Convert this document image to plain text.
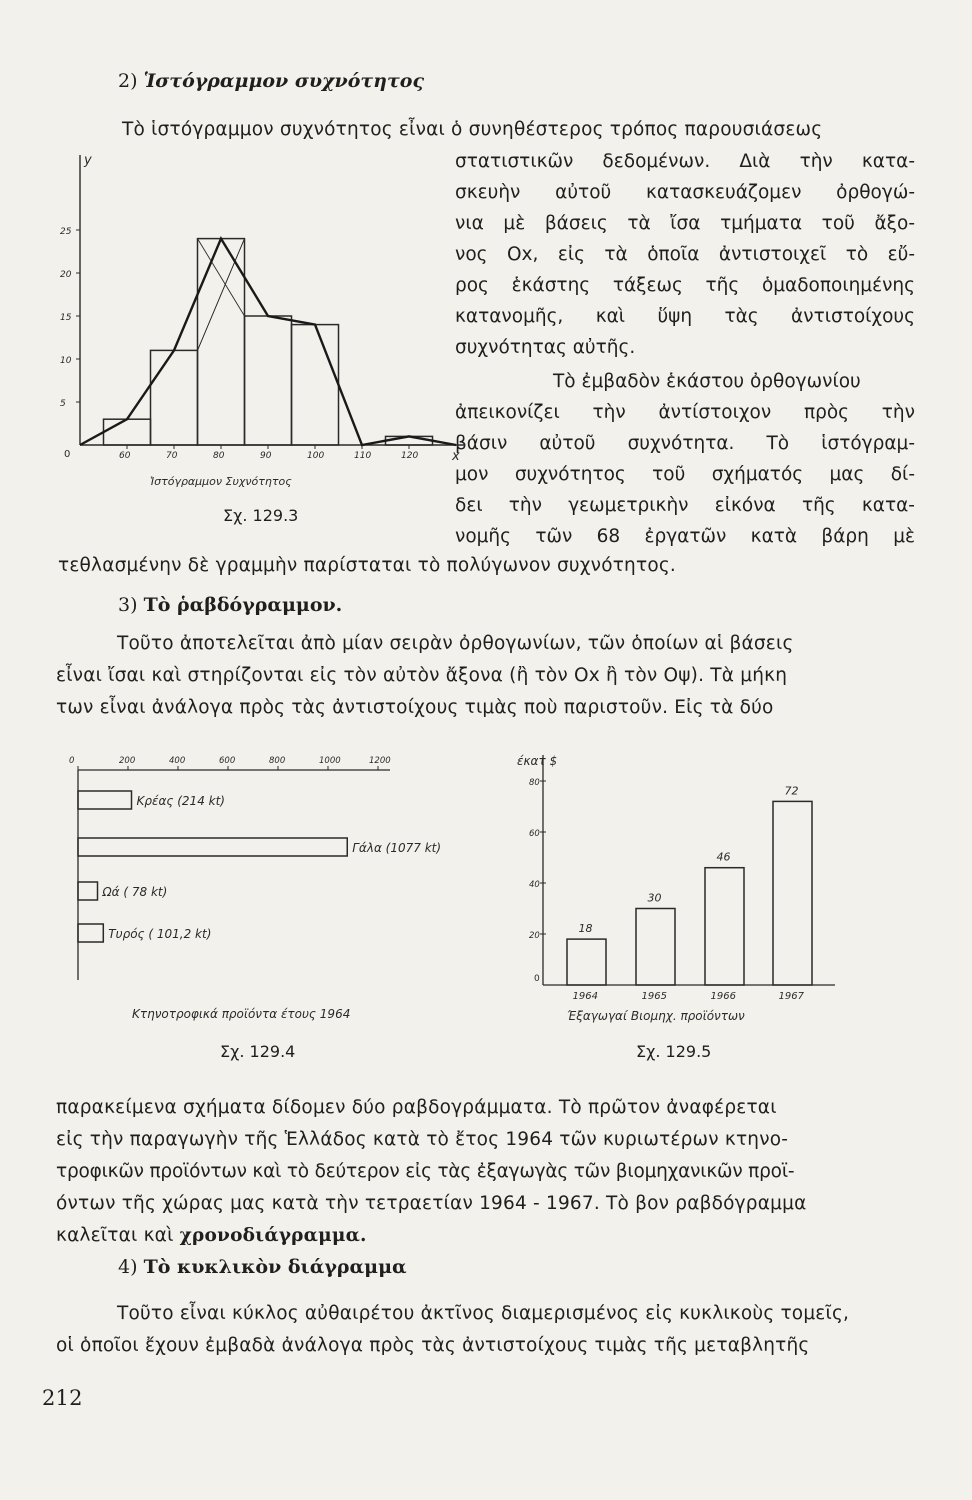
2) Ἱστόγραμμον συχνότητος
Τὸ ἱστόγραμμον συχνότητος εἶναι ὁ συνηθέστερος τρόπος παρουσιάσεως
στατιστικῶν δεδομένων. Διὰ τὴν κατα-
σκευὴν αὐτοῦ κατασκευάζομεν ὀρθογώ-
νια μὲ βάσεις τὰ ἴσα τμήματα τοῦ ἄξο-
νος Οx, εἰς τὰ ὁποῖα ἀντιστοιχεῖ τὸ εὔ-
ρος ἑκάστης τάξεως τῆς ὁμαδοποιημένης
κατανομῆς, καὶ ὕψη τὰς ἀντιστοίχους
συχνότητας αὐτῆς.
Τὸ ἐμβαδὸν ἑκάστου ὀρθογωνίου
ἀπεικονίζει τὴν ἀντίστοιχον πρὸς τὴν
βάσιν αὐτοῦ συχνότητα. Τὸ ἱστόγραμ-
μον συχνότητος τοῦ σχήματός μας δί-
δει τὴν γεωμετρικὴν εἰκόνα τῆς κατα-
νομῆς τῶν 68 ἐργατῶν κατὰ βάρη μὲ
y
x
0
5
10
15
20
25
60	70	80	90	100	110	120
Ἱστόγραμμον Συχνότητος
Σχ. 129.3
τεθλασμένην δὲ γραμμὴν παρίσταται τὸ πολύγωνον συχνότητος.
3) Τὸ ῥαβδόγραμμον.
Τοῦτο ἀποτελεῖται ἀπὸ μίαν σειρὰν ὀρθογωνίων, τῶν ὁποίων αἱ βάσεις
εἶναι ἴσαι καὶ στηρίζονται εἰς τὸν αὐτὸν ἄξονα (ἢ τὸν Οx ἢ τὸν Οψ). Τὰ μήκη
των εἶναι ἀνάλογα πρὸς τὰς ἀντιστοίχους τιμὰς ποὺ παριστοῦν. Εἰς τὰ δύο
0	200	400	600	800	1000	1200
Κρέας (214 kt)
Γάλα (1077 kt)
Ωά ( 78 kt)
Τυρός ( 101,2 kt)
Κτηνοτροφικά προϊόντα έτους 1964
Σχ. 129.4
έκατ $
0
20
40
60
80
18
1964
30
1965
46
1966
72
1967
Έξαγωγαί Βιομηχ. προϊόντων
Σχ. 129.5
παρακείμενα σχήματα δίδομεν δύο ραβδογράμματα. Τὸ πρῶτον ἀναφέρεται
εἰς τὴν παραγωγὴν τῆς Ἑλλάδος κατὰ τὸ ἔτος 1964 τῶν κυριωτέρων κτηνο-
τροφικῶν προϊόντων καὶ τὸ δεύτερον εἰς τὰς ἐξαγωγὰς τῶν βιομηχανικῶν προϊ-
όντων τῆς χώρας μας κατὰ τὴν τετραετίαν 1964 - 1967. Τὸ βον ραβδόγραμμα
καλεῖται καὶ χρονοδιάγραμμα.
4) Τὸ κυκλικὸν διάγραμμα
Τοῦτο εἶναι κύκλος αὐθαιρέτου ἀκτῖνος διαμερισμένος εἰς κυκλικοὺς τομεῖς,
οἱ ὁποῖοι ἔχουν ἐμβαδὰ ἀνάλογα πρὸς τὰς ἀντιστοίχους τιμὰς τῆς μεταβλητῆς
212
